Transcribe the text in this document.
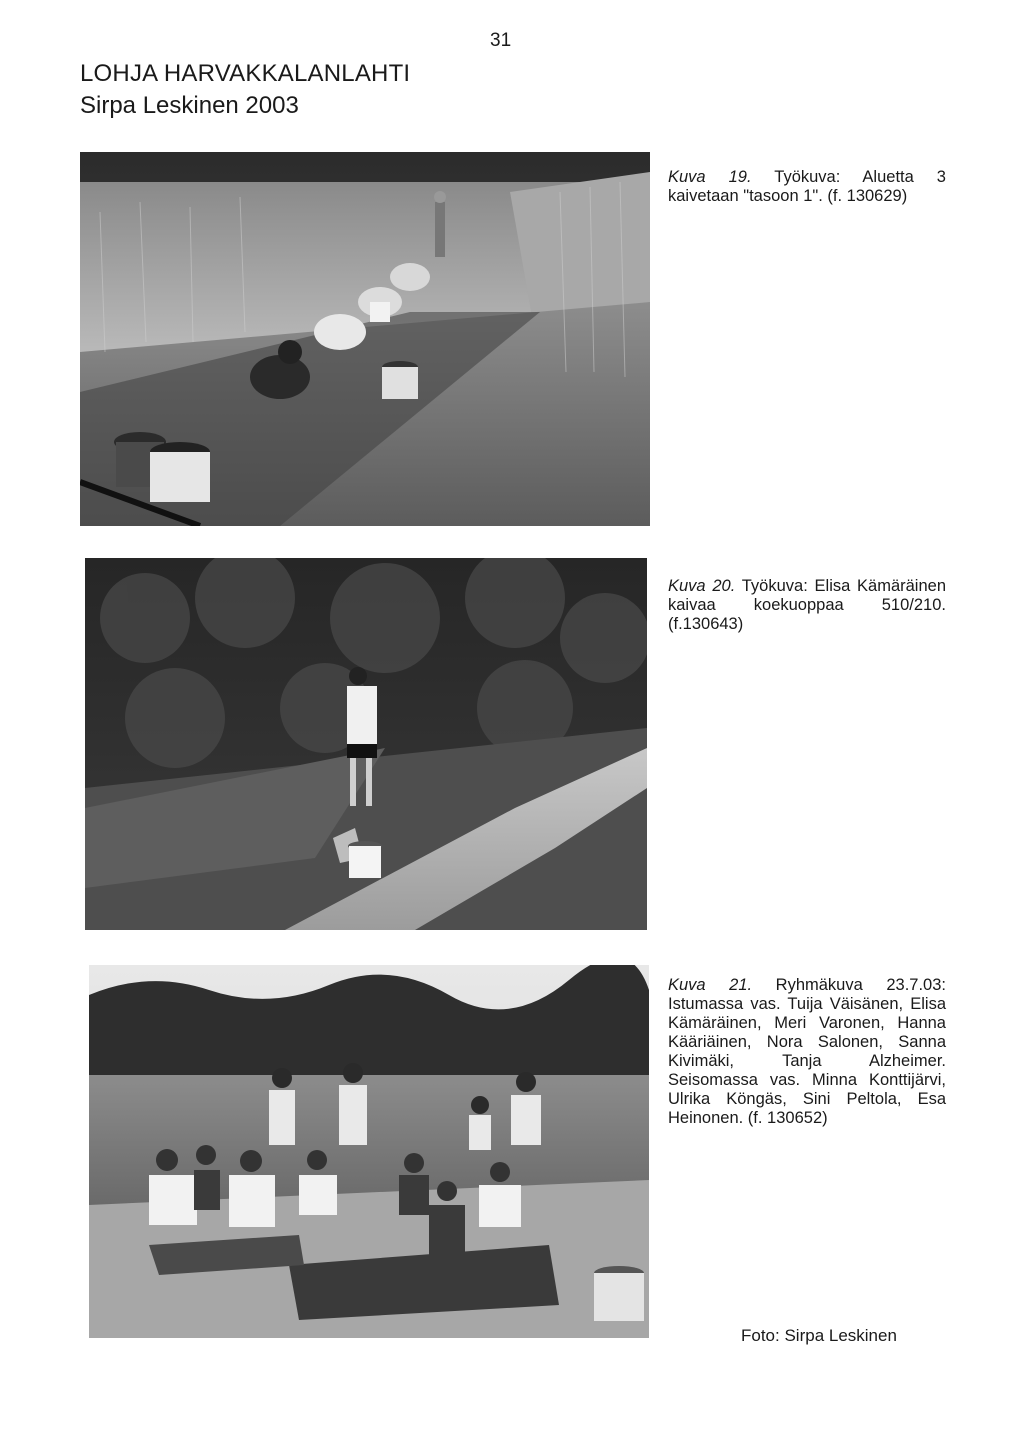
31
LOHJA HARVAKKALANLAHTI
Sirpa Leskinen 2003
Kuva 19. Työkuva: Aluetta 3 kaivetaan "tasoon 1". (f. 130629)
Kuva 20. Työkuva: Elisa Kämäräinen kaivaa koekuoppaa 510/210. (f.130643)
Kuva 21. Ryhmäkuva 23.7.03: Istumassa vas. Tuija Väisänen, Elisa Kämäräinen, Meri Varonen, Hanna Kääriäinen, Nora Salonen, Sanna Kivimäki, Tanja Alzheimer. Seisomassa vas. Minna Konttijärvi, Ulrika Köngäs, Sini Peltola, Esa Heinonen. (f. 130652)
Foto: Sirpa Leskinen
